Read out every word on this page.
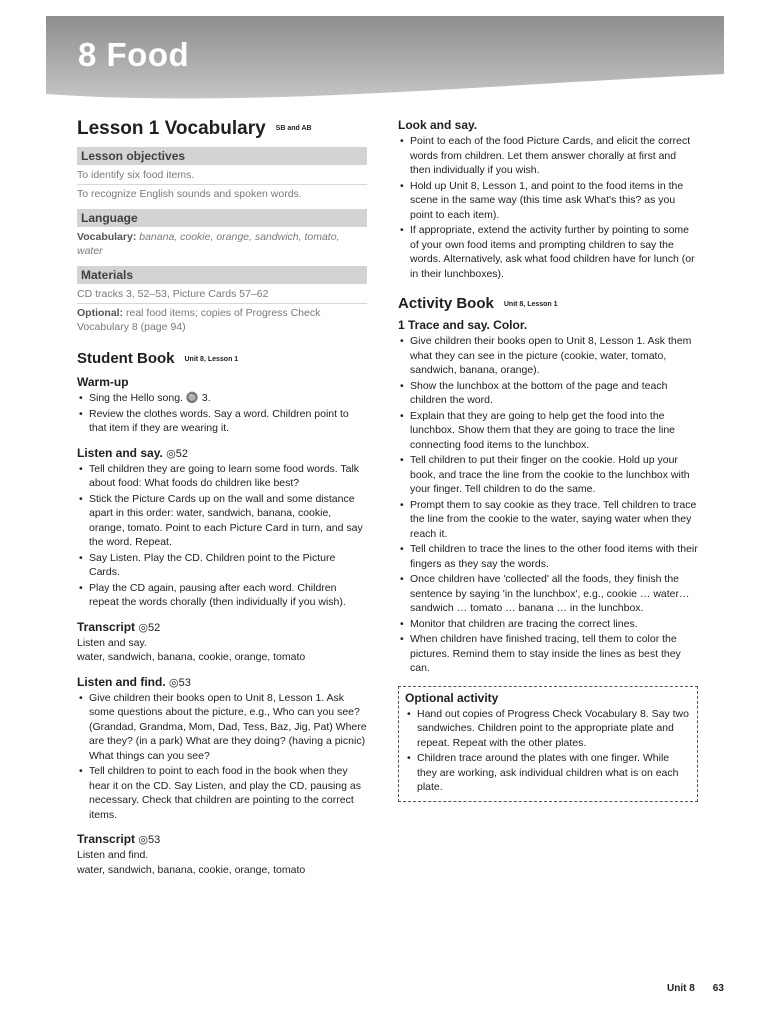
8 Food
Lesson 1 Vocabulary SB and AB
Lesson objectives
To identify six food items.
To recognize English sounds and spoken words.
Language
Vocabulary: banana, cookie, orange, sandwich, tomato, water
Materials
CD tracks 3, 52–53, Picture Cards 57–62
Optional: real food items; copies of Progress Check Vocabulary 8 (page 94)
Student Book Unit 8, Lesson 1
Warm-up
• Sing the Hello song. 🔘 3.
• Review the clothes words. Say a word. Children point to that item if they are wearing it.
Listen and say. ◎52
• Tell children they are going to learn some food words. Talk about food: What foods do children like best?
• Stick the Picture Cards up on the wall and some distance apart in this order: water, sandwich, banana, cookie, orange, tomato. Point to each Picture Card in turn, and say the word. Repeat.
• Say Listen. Play the CD. Children point to the Picture Cards.
• Play the CD again, pausing after each word. Children repeat the words chorally (then individually if you wish).
Transcript ◎52
Listen and say.
water, sandwich, banana, cookie, orange, tomato
Listen and find. ◎53
• Give children their books open to Unit 8, Lesson 1. Ask some questions about the picture, e.g., Who can you see? (Grandad, Grandma, Mom, Dad, Tess, Baz, Jig, Pat) Where are they? (in a park) What are they doing? (having a picnic) What things can you see?
• Tell children to point to each food in the book when they hear it on the CD. Say Listen, and play the CD, pausing as necessary. Check that children are pointing to the correct items.
Transcript ◎53
Listen and find.
water, sandwich, banana, cookie, orange, tomato
Look and say.
• Point to each of the food Picture Cards, and elicit the correct words from children. Let them answer chorally at first and then individually if you wish.
• Hold up Unit 8, Lesson 1, and point to the food items in the scene in the same way (this time ask What's this? as you point to each item).
• If appropriate, extend the activity further by pointing to some of your own food items and prompting children to say the words. Alternatively, ask what food children have for lunch (or in their lunchboxes).
Activity Book Unit 8, Lesson 1
1 Trace and say. Color.
• Give children their books open to Unit 8, Lesson 1. Ask them what they can see in the picture (cookie, water, tomato, sandwich, banana, orange).
• Show the lunchbox at the bottom of the page and teach children the word.
• Explain that they are going to help get the food into the lunchbox. Show them that they are going to trace the line connecting food items to the lunchbox.
• Tell children to put their finger on the cookie. Hold up your book, and trace the line from the cookie to the lunchbox with your finger. Tell children to do the same.
• Prompt them to say cookie as they trace. Tell children to trace the line from the cookie to the water, saying water when they reach it.
• Tell children to trace the lines to the other food items with their fingers as they say the words.
• Once children have 'collected' all the foods, they finish the sentence by saying 'in the lunchbox', e.g., cookie … water… sandwich … tomato … banana … in the lunchbox.
• Monitor that children are tracing the correct lines.
• When children have finished tracing, tell them to color the pictures. Remind them to stay inside the lines as best they can.
Optional activity
• Hand out copies of Progress Check Vocabulary 8. Say two sandwiches. Children point to the appropriate plate and repeat. Repeat with the other plates.
• Children trace around the plates with one finger. While they are working, ask individual children what is on each plate.
Unit 8 63
